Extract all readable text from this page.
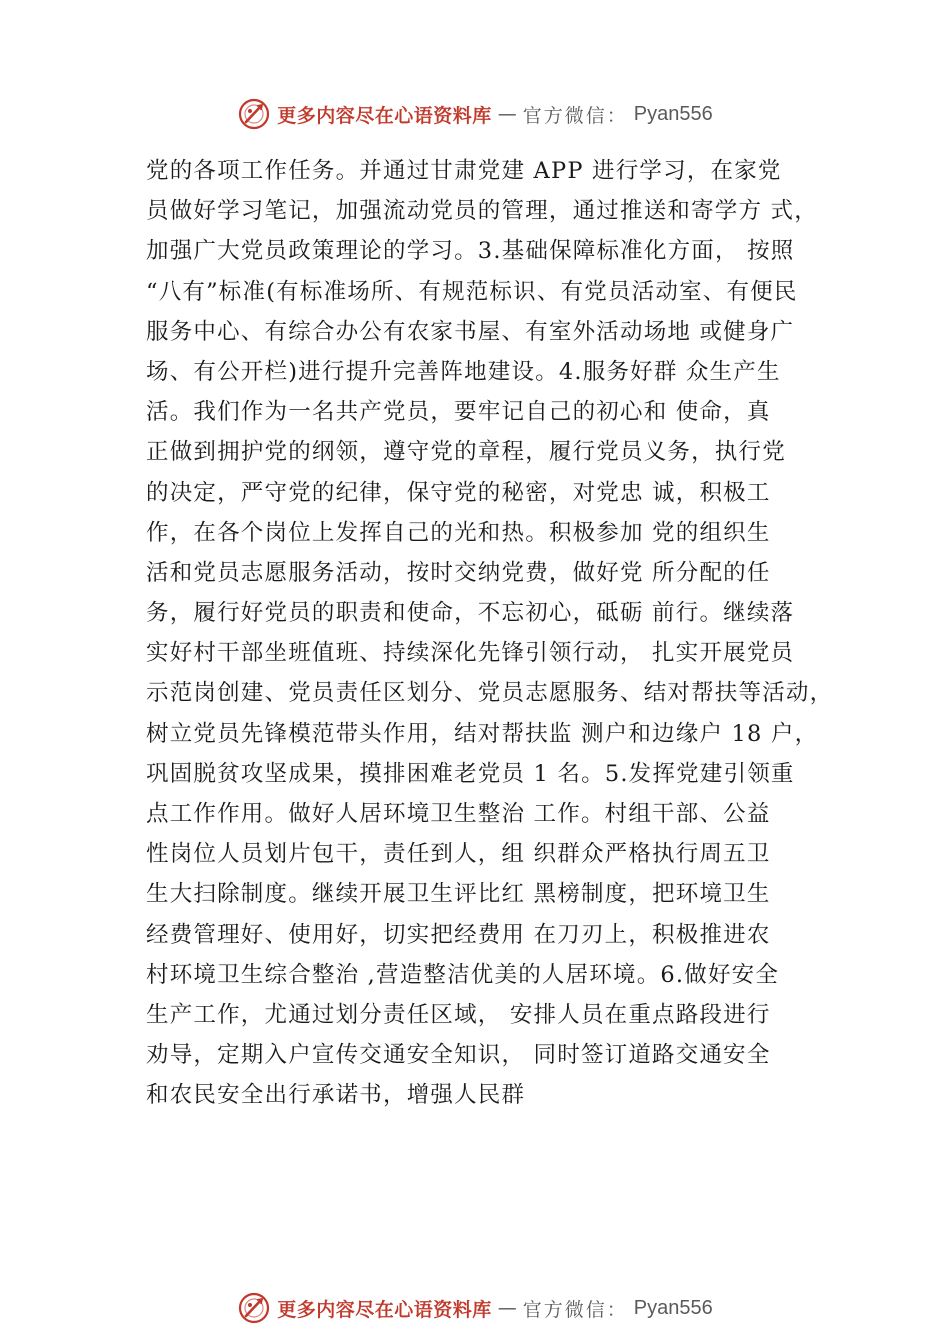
更多内容尽在心语资料库 — 官方微信： Pyan556
党的各项工作任务。并通过甘肃党建 APP 进行学习，在家党
员做好学习笔记，加强流动党员的管理，通过推送和寄学方 式，
加强广大党员政策理论的学习。3.基础保障标准化方面， 按照
“八有”标准(有标准场所、有规范标识、有党员活动室、有便民
服务中心、有综合办公有农家书屋、有室外活动场地 或健身广
场、有公开栏)进行提升完善阵地建设。4.服务好群 众生产生
活。我们作为一名共产党员，要牢记自己的初心和 使命，真
正做到拥护党的纲领，遵守党的章程，履行党员义务，执行党
的决定，严守党的纪律，保守党的秘密，对党忠 诚，积极工
作，在各个岗位上发挥自己的光和热。积极参加 党的组织生
活和党员志愿服务活动，按时交纳党费，做好党 所分配的任
务，履行好党员的职责和使命，不忘初心，砥砺 前行。继续落
实好村干部坐班值班、持续深化先锋引领行动， 扎实开展党员
示范岗创建、党员责任区划分、党员志愿服务、结对帮扶等活动，
树立党员先锋模范带头作用，结对帮扶监 测户和边缘户 18 户，
巩固脱贫攻坚成果，摸排困难老党员 1 名。5.发挥党建引领重
点工作作用。做好人居环境卫生整治 工作。村组干部、公益
性岗位人员划片包干，责任到人，组 织群众严格执行周五卫
生大扫除制度。继续开展卫生评比红 黑榜制度，把环境卫生
经费管理好、使用好，切实把经费用 在刀刃上，积极推进农
村环境卫生综合整治 ,营造整洁优美的人居环境。6.做好安全
生产工作，尤通过划分责任区域， 安排人员在重点路段进行
劝导，定期入户宣传交通安全知识， 同时签订道路交通安全
和农民安全出行承诺书，增强人民群
更多内容尽在心语资料库 — 官方微信： Pyan556
